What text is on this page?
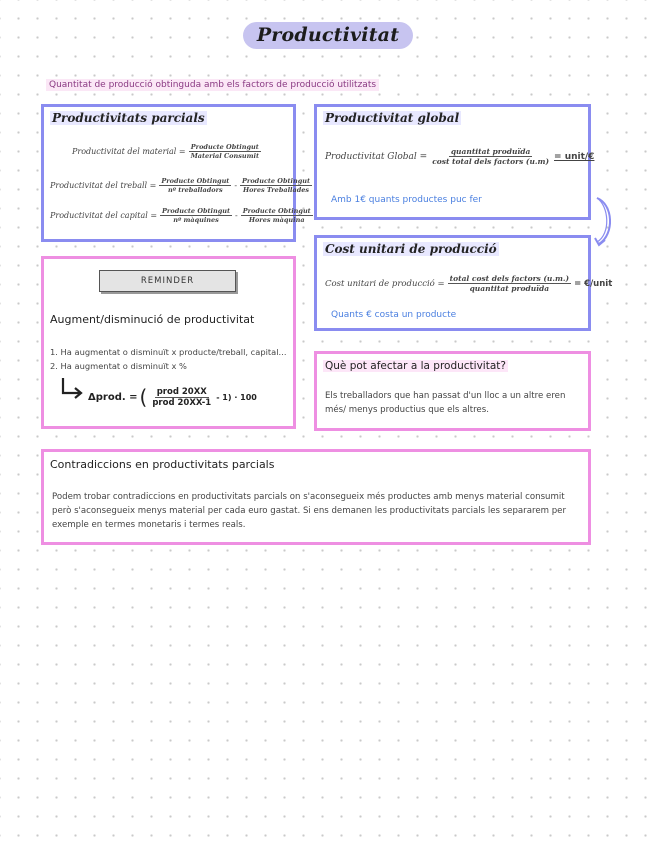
Productivitat
Quantitat de producció obtinguda amb els factors de producció utilitzats
Productivitats parcials
Productivitat del material = $\frac{\text{Producte Obtingut}}{\text{Material Consumit}}$
Productivitat del treball = $\frac{\text{Producte Obtingut}}{\text{nº treballadors}} - \frac{\text{Producte Obtingut}}{\text{Hores Treballades}}$
Productivitat del capital = $\frac{\text{Producte Obtingut}}{\text{nº màquines}} - \frac{\text{Producte Obtingut}}{\text{Hores màquina}}$
Productivitat global
Productivitat Global = $\frac{\text{quantitat produïda}}{\text{cost total dels factors (u.m)}}$ = unit/€
Amb 1€ quants productes puc fer
Cost unitari de producció
Cost unitari de producció = $\frac{\text{total cost dels factors (u.m.)}}{\text{quantitat produïda}}$ = €/unit
Quants € costa un producte
REMINDER
Augment/disminució de productivitat
1. Ha augmentat o disminuït x producte/treball, capital...
2. Ha augmentat o disminuït x %
Δprod. = ( $\frac{\text{prod 20XX}}{\text{prod 20XX-1}} - 1) \cdot 100$
Què pot afectar a la productivitat?
Els treballadors que han passat d'un lloc a un altre eren més/ menys productius que els altres.
Contradiccions en productivitats parcials
Podem trobar contradiccions en productivitats parcials on s'aconsegueix més productes amb menys material consumit però s'aconsegueix menys material per cada euro gastat. Si ens demanen les productivitats parcials les separarem per exemple en termes monetaris i termes reals.
